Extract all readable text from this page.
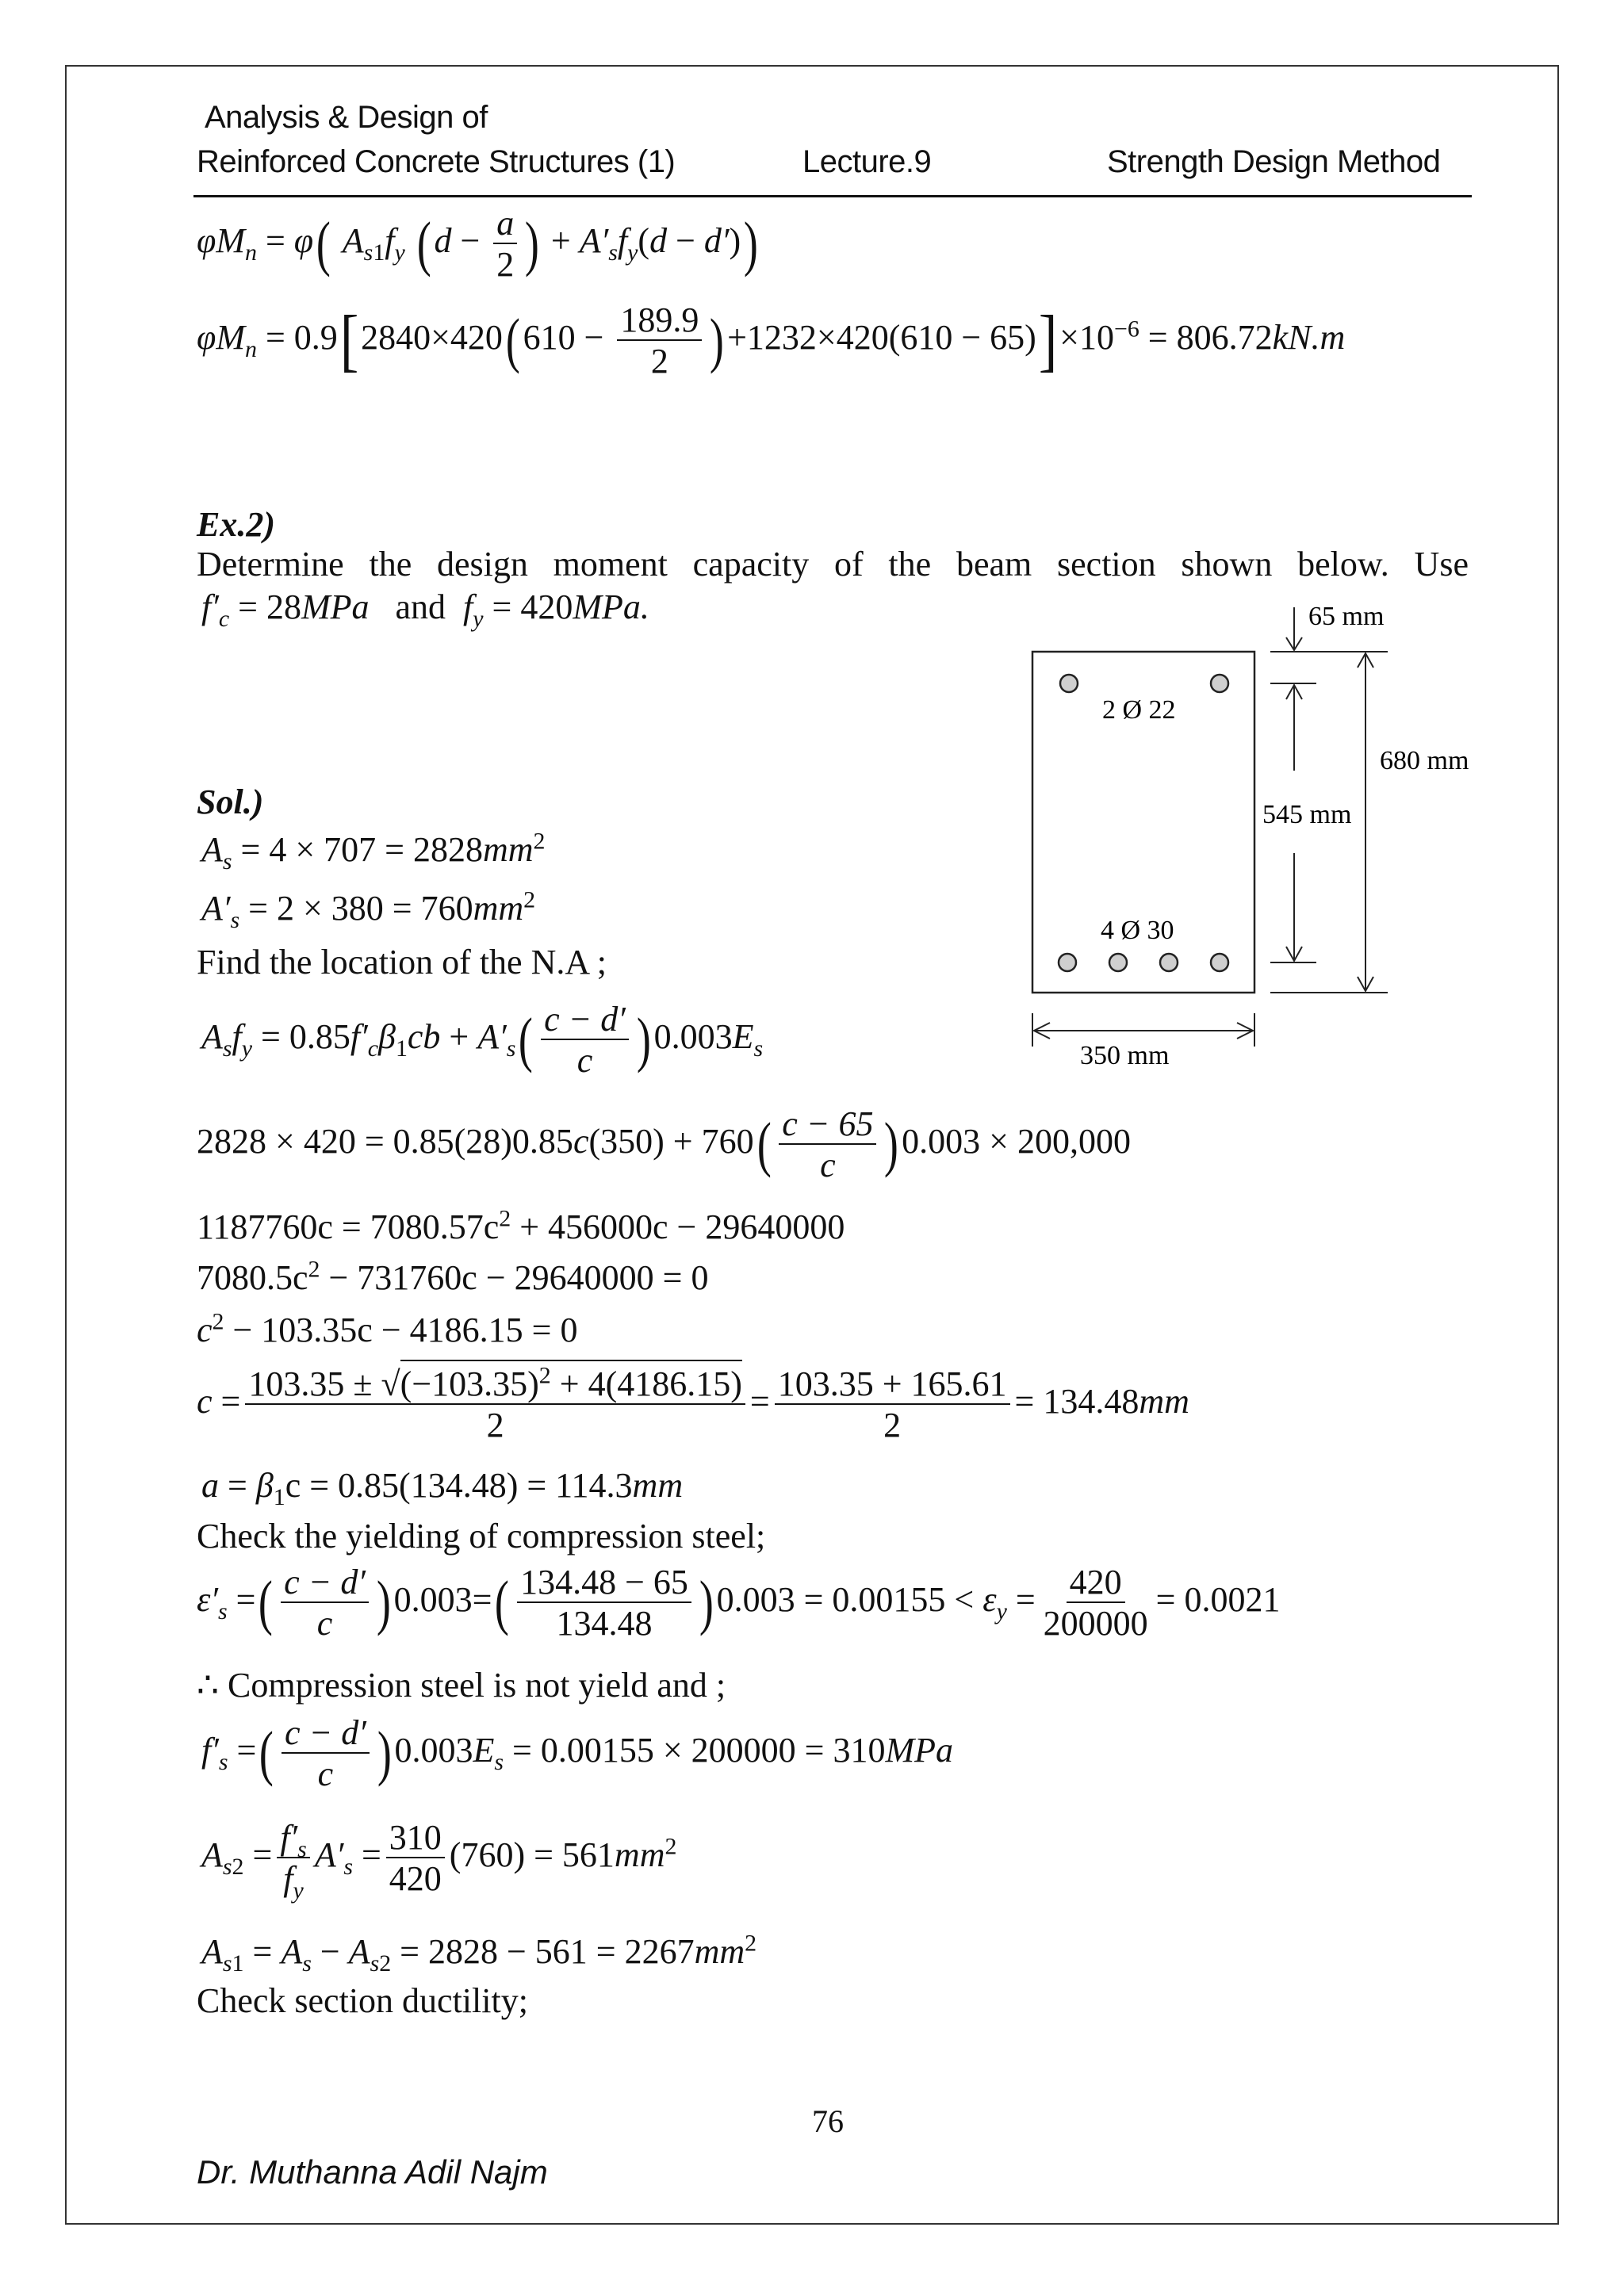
Analysis & Design of
Reinforced Concrete Structures (1)	Lecture.9	Strength Design Method
$\varphi M_n = \varphi$( $A_{s1}f_y$ ($d - \frac{a}{2}$ ) + $A'_sf_y(d - d')$)
$\varphi M_n = 0.9[2840\times 420(610 - \frac{189.9}{2} )+1232\times 420(610 - 65)]\times 10^{-6} = 806.72kN.m$
Ex.2)
Determine the design moment capacity of the beam section shown below. Use
$f'_c = 28MPa$ and $f_y = 420MPa$.
2 Ø 22
4 Ø 30
65 mm
545 mm
680 mm
350 mm
Sol.)
$A_s = 4 \times 707 = 2828mm^2$
$A'_s = 2 \times 380 = 760mm^2$
Find the location of the N.A ;
$A_sf_y = 0.85f'_c\beta_1cb + A'_s( \frac{c - d'}{c} )0.003E_s$
$2828 \times 420 = 0.85(28)0.85c(350) + 760( \frac{c - 65}{c} )0.003 \times 200,000$
$1187760c = 7080.57c^2 + 456000c - 29640000$
$7080.5c^2 - 731760c - 29640000 = 0$
$c^2 - 103.35c - 4186.15 = 0$
$c = \frac{103.35 \pm √(-103.35)^2 + 4(4186.15)}{2} = \frac{103.35 + 165.61}{2} = 134.48mm$
$a = \beta_1c = 0.85(134.48) = 114.3mm$
Check the yielding of compression steel;
$\varepsilon'_s$ =( $\frac{c - d'}{c} )0.003=( \frac{134.48 - 65}{134.48} )0.003 = 0.00155 < \varepsilon_y = \frac{420}{200000} = 0.0021$
∴ Compression steel is not yield and ;
$f'_s$ =( $\frac{c - d'}{c} )0.003E_s = 0.00155 \times 200000 = 310MPa$
$A_{s2} = \frac{f'_s}{f_y} A'_s = \frac{310}{420} (760) = 561mm^2$
$A_{s1} = A_s - A_{s2} = 2828 - 561 = 2267mm^2$
Check section ductility;
76
Dr. Muthanna Adil Najm
